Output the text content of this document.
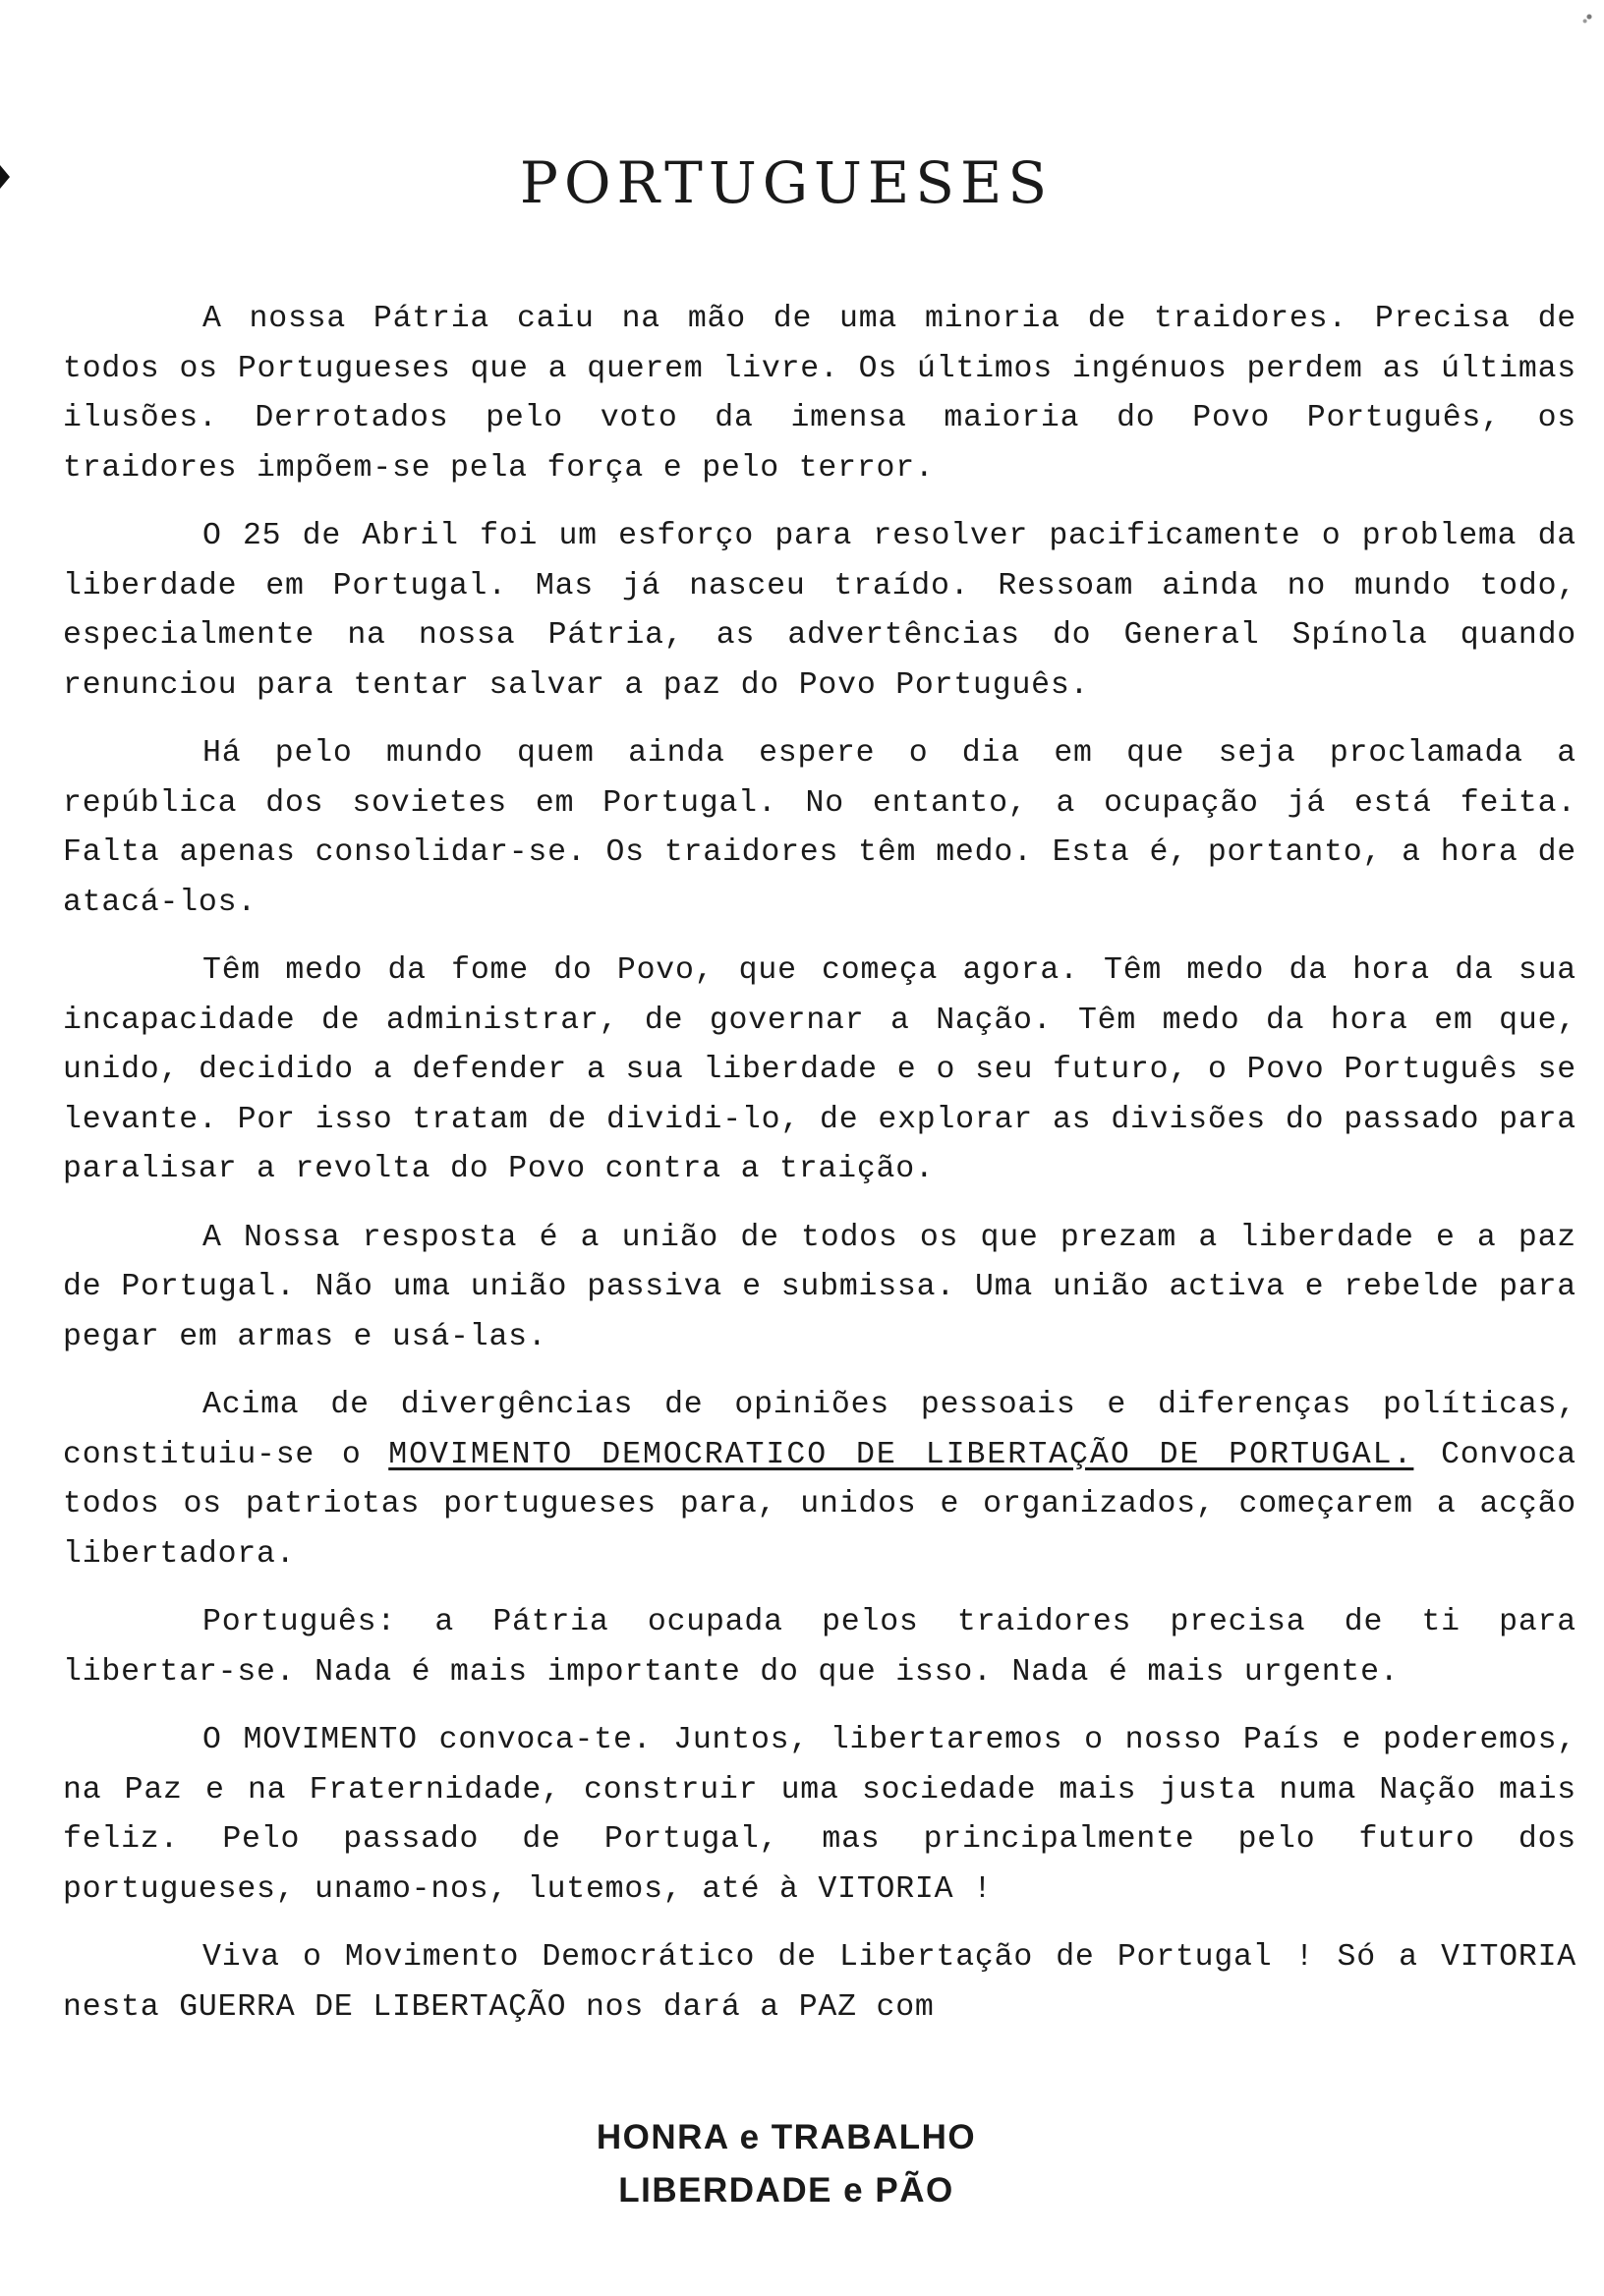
PORTUGUESES

A nossa Pátria caiu na mão de uma minoria de traidores. Precisa de todos os Portugueses que a querem livre. Os últimos ingénuos perdem as últimas ilusões. Derrotados pelo voto da imensa maioria do Povo Português, os traidores impõem-se pela força e pelo terror.

O 25 de Abril foi um esforço para resolver pacificamente o problema da liberdade em Portugal. Mas já nasceu traído. Ressoam ainda no mundo todo, especialmente na nossa Pátria, as advertências do General Spínola quando renunciou para tentar salvar a paz do Povo Português.

Há pelo mundo quem ainda espere o dia em que seja proclamada a república dos sovietes em Portugal. No entanto, a ocupação já está feita. Falta apenas consolidar-se. Os traidores têm medo. Esta é, portanto, a hora de atacá-los.

Têm medo da fome do Povo, que começa agora. Têm medo da hora da sua incapacidade de administrar, de governar a Nação. Têm medo da hora em que, unido, decidido a defender a sua liberdade e o seu futuro, o Povo Português se levante. Por isso tratam de dividi-lo, de explorar as divisões do passado para paralisar a revolta do Povo contra a traição.

A Nossa resposta é a união de todos os que prezam a liberdade e a paz de Portugal. Não uma união passiva e submissa. Uma união activa e rebelde para pegar em armas e usá-las.

Acima de divergências de opiniões pessoais e diferenças políticas, constituiu-se o MOVIMENTO DEMOCRATICO DE LIBERTAÇÃO DE PORTUGAL. Convoca todos os patriotas portugueses para, unidos e organizados, começarem a acção libertadora.

Português: a Pátria ocupada pelos traidores precisa de ti para libertar-se. Nada é mais importante do que isso. Nada é mais urgente.

O MOVIMENTO convoca-te. Juntos, libertaremos o nosso País e poderemos, na Paz e na Fraternidade, construir uma sociedade mais justa numa Nação mais feliz. Pelo passado de Portugal, mas principalmente pelo futuro dos portugueses, unamo-nos, lutemos, até à VITORIA !

Viva o Movimento Democrático de Libertação de Portugal ! Só a VITORIA nesta GUERRA DE LIBERTAÇÃO nos dará a PAZ com

HONRA e TRABALHO
LIBERDADE e PÃO
